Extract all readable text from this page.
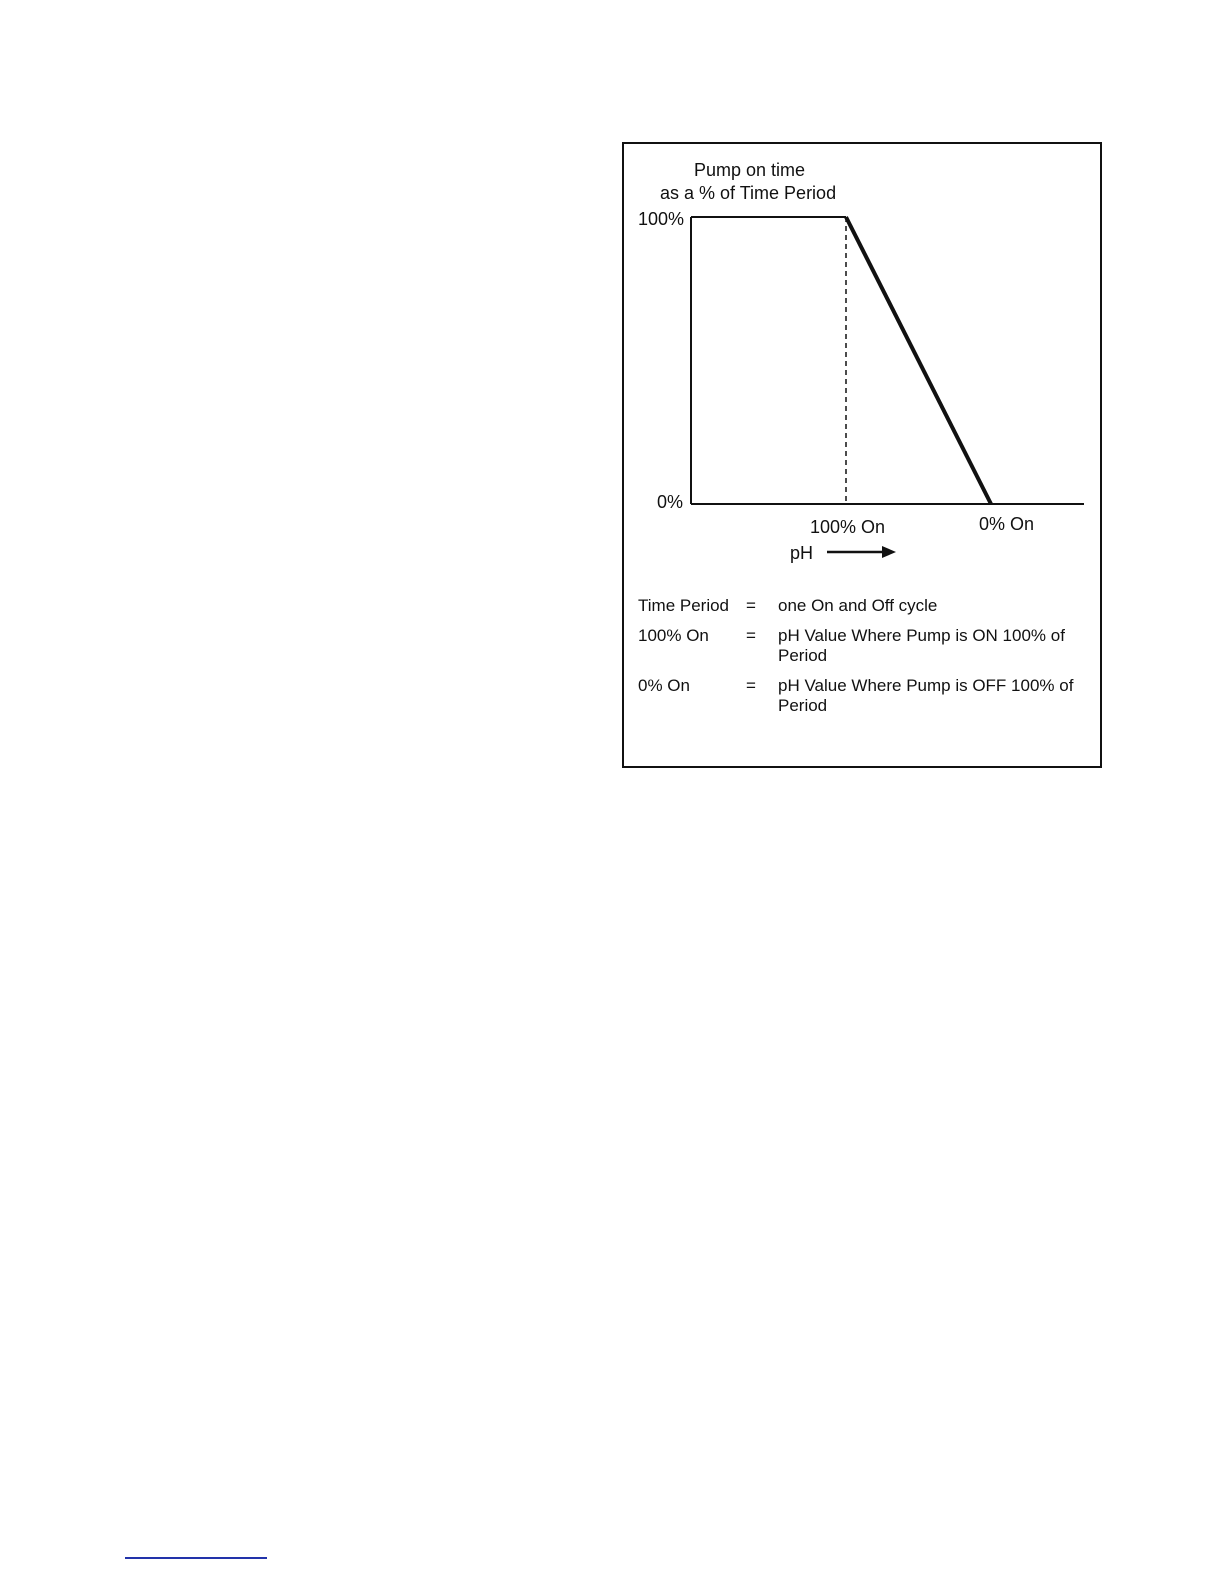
Pump on time
as a % of Time Period
100%
0%
100% On	0% On
pH
Time Period = one On and Off cycle
100% On = pH Value Where Pump is ON 100% of Period
0% On	= pH Value Where Pump is OFF 100% of Period
